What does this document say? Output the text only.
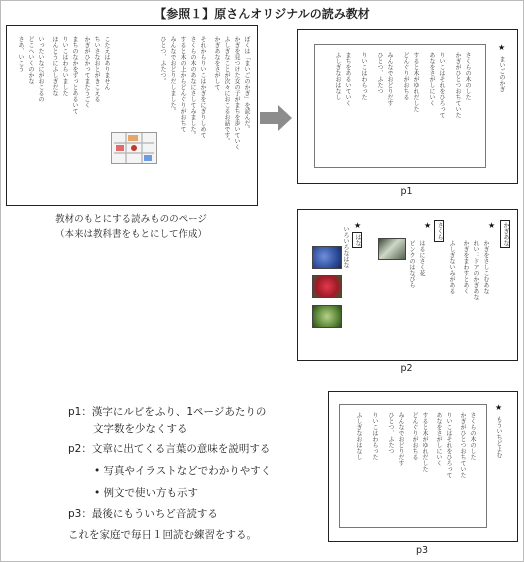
【参照１】原さんオリジナルの読み教材
ぼくは「まいごのかぎ」を読んだ。
かぎを見つけた女の子がまちを歩いていく
ふしぎなことが次々におこるお話です。
かぎあなをさがして
それからりいこはかぎをにぎりしめて
さくらの木のあなにさしてみました。
すると木の上からどんぐりがおちて
みんなでおどりだしました。
ひとつ、ふたつ。
こたえはありません
ちいさなおとがきこえる
かぎがひかってまたうごく
まちのなかをずっとあるいて
りいこはわらいました
ほんとうにふしぎだな
いったいなにがおこるの
どこへいくのかな
さあ、いこう
教材のもとにする読みもののページ
（本来は教科書をもとにして作成）
★
まいごのかぎ
さくらの木のした
かぎがひとつおちていた
りいこはそれをひろって
あなをさがしにいく
すると木がゆれだした
どんぐりがおちる
みんなでおどりだす
ひとつ、ふたつ
りいこはわらった
まちをあるいていく
ふしぎなおはなし
p1
★	かぎあな
かぎをさしこむあな
れい：ドアのかぎあな
かぎをまわすとあく
ふしぎないみがある
★ さくら
はるにさく花
ピンクのはなびら
★
はな
いろいろなはな
p2
★
もういちどよむ
さくらの木のした
かぎがひとつおちていた
りいこはそれをひろって
あなをさがしにいく
すると木がゆれだした
どんぐりがおちる
みんなでおどりだす
ひとつ、ふたつ
りいこはわらった
ふしぎなおはなし
p3
p1：漢字にルビをふり、1ページあたりの
文字数を少なくする
p2：文章に出てくる言葉の意味を説明する
• 写真やイラストなどでわかりやすく
• 例文で使い方も示す
p3：最後にもういちど音読する
これを家庭で毎日１回読む練習をする。
